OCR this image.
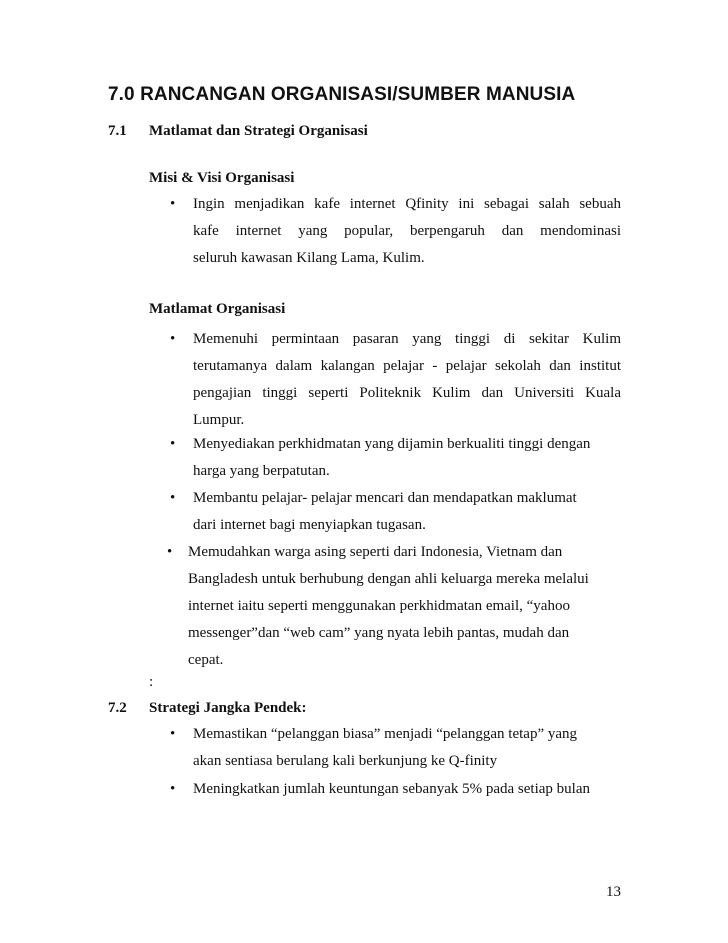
7.0 RANCANGAN ORGANISASI/SUMBER MANUSIA
7.1 Matlamat dan Strategi Organisasi
Misi & Visi Organisasi
• Ingin menjadikan kafe internet Qfinity ini sebagai salah sebuah
kafe internet yang popular, berpengaruh dan mendominasi
seluruh kawasan Kilang Lama, Kulim.
Matlamat Organisasi
• Memenuhi permintaan pasaran yang tinggi di sekitar Kulim
terutamanya dalam kalangan pelajar - pelajar sekolah dan institut
pengajian tinggi seperti Politeknik Kulim dan Universiti Kuala
Lumpur.
• Menyediakan perkhidmatan yang dijamin berkualiti tinggi dengan
harga yang berpatutan.
• Membantu pelajar- pelajar mencari dan mendapatkan maklumat
dari internet bagi menyiapkan tugasan.
• Memudahkan warga asing seperti dari Indonesia, Vietnam dan
Bangladesh untuk berhubung dengan ahli keluarga mereka melalui
internet iaitu seperti menggunakan perkhidmatan email, “yahoo
messenger”dan “web cam” yang nyata lebih pantas, mudah dan
cepat.
:
7.2 Strategi Jangka Pendek:
• Memastikan “pelanggan biasa” menjadi “pelanggan tetap” yang
akan sentiasa berulang kali berkunjung ke Q-finity
• Meningkatkan jumlah keuntungan sebanyak 5% pada setiap bulan
13
